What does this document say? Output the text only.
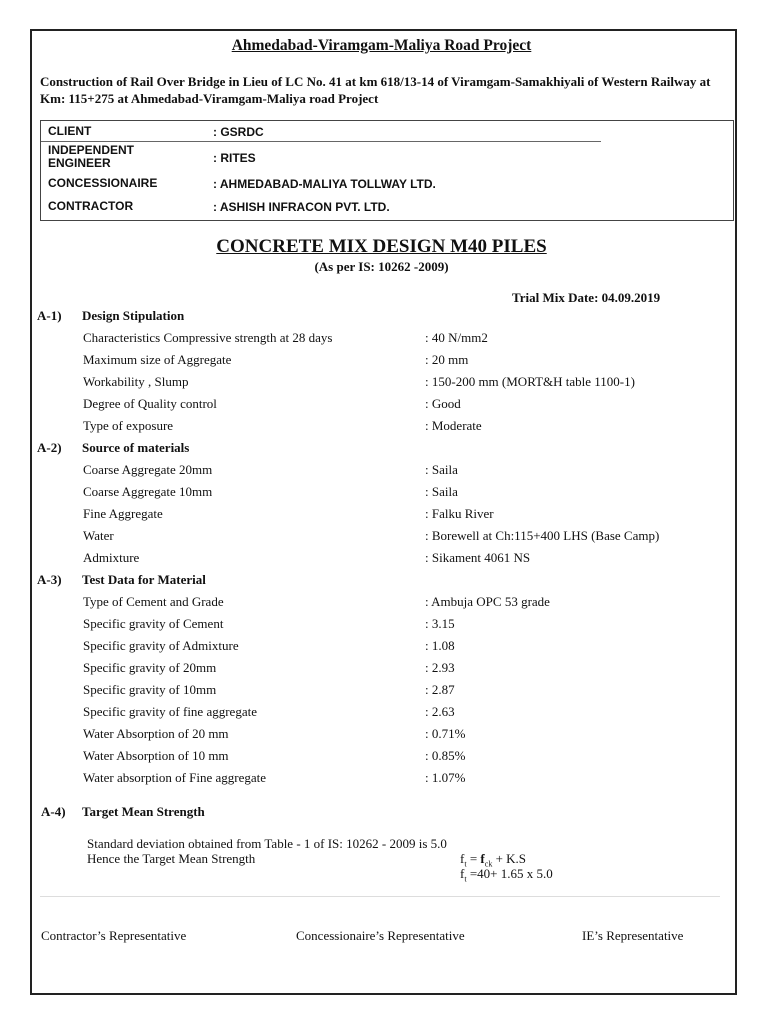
Ahmedabad-Viramgam-Maliya Road Project
Construction of Rail Over Bridge in Lieu of LC No. 41 at km 618/13-14 of Viramgam-Samakhiyali of Western Railway at Km: 115+275 at Ahmedabad-Viramgam-Maliya road Project
CLIENT	: GSRDC
INDEPENDENT ENGINEER	: RITES
CONCESSIONAIRE	: AHMEDABAD-MALIYA TOLLWAY LTD.
CONTRACTOR	: ASHISH INFRACON PVT. LTD.
CONCRETE MIX DESIGN M40 PILES
(As per IS: 10262 -2009)
Trial Mix Date: 04.09.2019
A-1) Design Stipulation
Characteristics Compressive strength at 28 days	: 40 N/mm2
Maximum size of Aggregate	: 20 mm
Workability , Slump	: 150-200 mm (MORT&H table 1100-1)
Degree of Quality control	: Good
Type of exposure	: Moderate
A-2) Source of materials
Coarse Aggregate 20mm	: Saila
Coarse Aggregate 10mm	: Saila
Fine Aggregate	: Falku River
Water	: Borewell at Ch:115+400 LHS (Base Camp)
Admixture	: Sikament 4061 NS
A-3) Test Data for Material
Type of Cement and Grade	: Ambuja OPC 53 grade
Specific gravity of Cement	: 3.15
Specific gravity of Admixture	: 1.08
Specific gravity of 20mm	: 2.93
Specific gravity of 10mm	: 2.87
Specific gravity of fine aggregate	: 2.63
Water Absorption of 20 mm	: 0.71%
Water Absorption of 10 mm	: 0.85%
Water absorption of Fine aggregate	: 1.07%
A-4) Target Mean Strength
Standard deviation obtained from Table - 1 of IS: 10262 - 2009 is 5.0
Hence the Target Mean Strength	$f_t = f_{ck} + K.S$
$f_t =40+ 1.65$ x 5.0
Contractor’s Representative	Concessionaire’s Representative	IE’s Representative
